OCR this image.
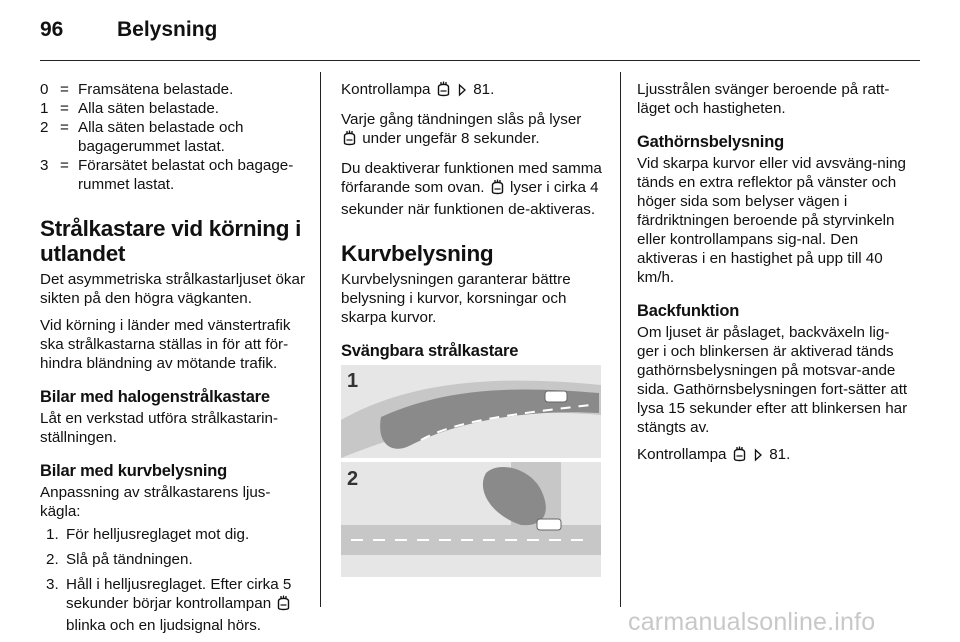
96	Belysning
0 = Framsätena belastade.
1 = Alla säten belastade.
2 = Alla säten belastade och bagagerummet lastat.
3 = Förarsätet belastat och bagage-rummet lastat.
Strålkastare vid körning i utlandet

Det asymmetriska strålkastarljuset ökar sikten på den högra vägkanten.

Vid körning i länder med vänstertrafik ska strålkastarna ställas in för att för-hindra bländning av mötande trafik.

Bilar med halogenstrålkastare

Låt en verkstad utföra strålkastarin-ställningen.

Bilar med kurvbelysning

Anpassning av strålkastarens ljus-kägla:

1. För helljusreglaget mot dig.
2. Slå på tändningen.
3. Håll i helljusreglaget. Efter cirka 5 sekunder börjar kontrollampan  blinka och en ljudsignal hörs.

Kontrollampa	81.

Varje gång tändningen slås på lyser
under ungefär 8 sekunder.

Du deaktiverar funktionen med samma förfarande som ovan.  lyser i cirka 4 sekunder när funktionen de-aktiveras.

Kurvbelysning

Kurvbelysningen garanterar bättre belysning i kurvor, korsningar och skarpa kurvor.

Svängbara strålkastare
1
2

Ljusstrålen svänger beroende på ratt-läget och hastigheten.

Gathörnsbelysning

Vid skarpa kurvor eller vid avsväng-ning tänds en extra reflektor på vänster och höger sida som belyser vägen i färdriktningen beroende på styrvinkeln eller kontrollampans sig-nal. Den aktiveras i en hastighet på upp till 40 km/h.

Backfunktion

Om ljuset är påslaget, backväxeln lig-ger i och blinkersen är aktiverad tänds gathörnsbelysningen på motsvar-ande sida. Gathörnsbelysningen fort-sätter att lysa 15 sekunder efter att blinkersen har stängts av.

Kontrollampa	81.

carmanualsonline.info
